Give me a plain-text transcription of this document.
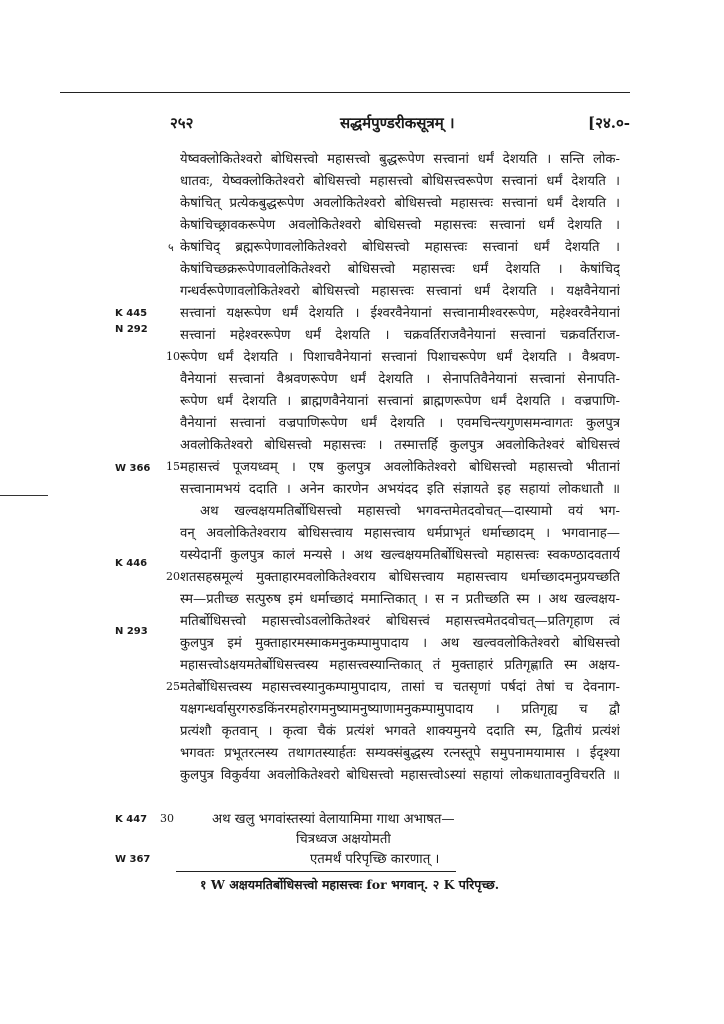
२५२	सद्धर्मपुण्डरीकसूत्रम् ।	[२४.०-
येष्वक्लोकितेश्वरो बोधिसत्त्वो महासत्त्वो बुद्धरूपेण सत्त्वानां धर्मं देशयति । सन्ति लोक-
धातवः, येष्वक्लोकितेश्वरो बोधिसत्त्वो महासत्त्वो बोधिसत्त्वरूपेण सत्त्वानां धर्मं देशयति ।
केषांचित् प्रत्येकबुद्धरूपेण अवलोकितेश्वरो बोधिसत्त्वो महासत्त्वः सत्त्वानां धर्मं देशयति ।
केषांचिच्छ्रावकरूपेण अवलोकितेश्वरो बोधिसत्त्वो महासत्त्वः सत्त्वानां धर्मं देशयति ।
केषांचिद् ब्रह्मरूपेणावलोकितेश्वरो बोधिसत्त्वो महासत्त्वः सत्त्वानां धर्मं देशयति ।
केषांचिच्छक्ररूपेणावलोकितेश्वरो बोधिसत्त्वो महासत्त्वः धर्मं देशयति । केषांचिद्
गन्धर्वरूपेणावलोकितेश्वरो बोधिसत्त्वो महासत्त्वः सत्त्वानां धर्मं देशयति । यक्षवैनेयानां
सत्त्वानां यक्षरूपेण धर्मं देशयति । ईश्वरवैनेयानां सत्त्वानामीश्वररूपेण, महेश्वरवैनेयानां
सत्त्वानां महेश्वररूपेण धर्मं देशयति । चक्रवर्तिराजवैनेयानां सत्त्वानां चक्रवर्तिराज-
रूपेण धर्मं देशयति । पिशाचवैनेयानां सत्त्वानां पिशाचरूपेण धर्मं देशयति । वैश्रवण-
वैनेयानां सत्त्वानां वैश्रवणरूपेण धर्मं देशयति । सेनापतिवैनेयानां सत्त्वानां सेनापति-
रूपेण धर्मं देशयति । ब्राह्मणवैनेयानां सत्त्वानां ब्राह्मणरूपेण धर्मं देशयति । वज्रपाणि-
वैनेयानां सत्त्वानां वज्रपाणिरूपेण धर्मं देशयति । एवमचिन्त्यगुणसमन्वागतः कुलपुत्र
अवलोकितेश्वरो बोधिसत्त्वो महासत्त्वः । तस्मात्तर्हि कुलपुत्र अवलोकितेश्वरं बोधिसत्त्वं
महासत्त्वं पूजयध्वम् । एष कुलपुत्र अवलोकितेश्वरो बोधिसत्त्वो महासत्त्वो भीतानां
सत्त्वानामभयं ददाति । अनेन कारणेन अभयंदद इति संज्ञायते इह सहायां लोकधातौ ॥
अथ खल्वक्षयमतिर्बोधिसत्त्वो महासत्त्वो भगवन्तमेतदवोचत्—दास्यामो वयं भग-
वन् अवलोकितेश्वराय बोधिसत्त्वाय महासत्त्वाय धर्मप्राभृतं धर्माच्छादम् । भगवानाह—
यस्येदानीं कुलपुत्र कालं मन्यसे । अथ खल्वक्षयमतिर्बोधिसत्त्वो महासत्त्वः स्वकण्ठादवतार्य
शतसहस्रमूल्यं मुक्ताहारमवलोकितेश्वराय बोधिसत्त्वाय महासत्त्वाय धर्माच्छादमनुप्रयच्छति
स्म—प्रतीच्छ सत्पुरुष इमं धर्माच्छादं ममान्तिकात् । स न प्रतीच्छति स्म । अथ खल्वक्षय-
मतिर्बोधिसत्त्वो महासत्त्वोऽवलोकितेश्वरं बोधिसत्त्वं महासत्त्वमेतदवोचत्—प्रतिगृहाण त्वं
कुलपुत्र इमं मुक्ताहारमस्माकमनुकम्पामुपादाय । अथ खल्ववलोकितेश्वरो बोधिसत्त्वो
महासत्त्वोऽक्षयमतेर्बोधिसत्त्वस्य महासत्त्वस्यान्तिकात् तं मुक्ताहारं प्रतिगृह्णाति स्म अक्षय-
मतेर्बोधिसत्त्वस्य महासत्त्वस्यानुकम्पामुपादाय, तासां च चतसृणां पर्षदां तेषां च देवनाग-
यक्षगन्धर्वासुरगरुडकिंनरमहोरगमनुष्यामनुष्याणामनुकम्पामुपादाय । प्रतिगृह्य च द्वौ
प्रत्यंशौ कृतवान् । कृत्वा चैकं प्रत्यंशं भगवते शाक्यमुनये ददाति स्म, द्वितीयं प्रत्यंशं
भगवतः प्रभूतरत्नस्य तथागतस्यार्हतः सम्यक्संबुद्धस्य रत्नस्तूपे समुपनामयामास । ईदृश्या
कुलपुत्र विकुर्वया अवलोकितेश्वरो बोधिसत्त्वो महासत्त्वोऽस्यां सहायां लोकधातावनुविचरति ॥
अथ खलु भगवांस्तस्यां वेलायामिमा गाथा अभाषत—
चित्रध्वज अक्षयोमती
एतमर्थं परिपृच्छि कारणात् ।
५
10
15
20
25
30
K 445
N 292
W 366
K 446
N 293
K 447
W 367
१ W अक्षयमतिर्बोधिसत्त्वो महासत्त्वः for भगवान्. २ K परिपृच्छ.
